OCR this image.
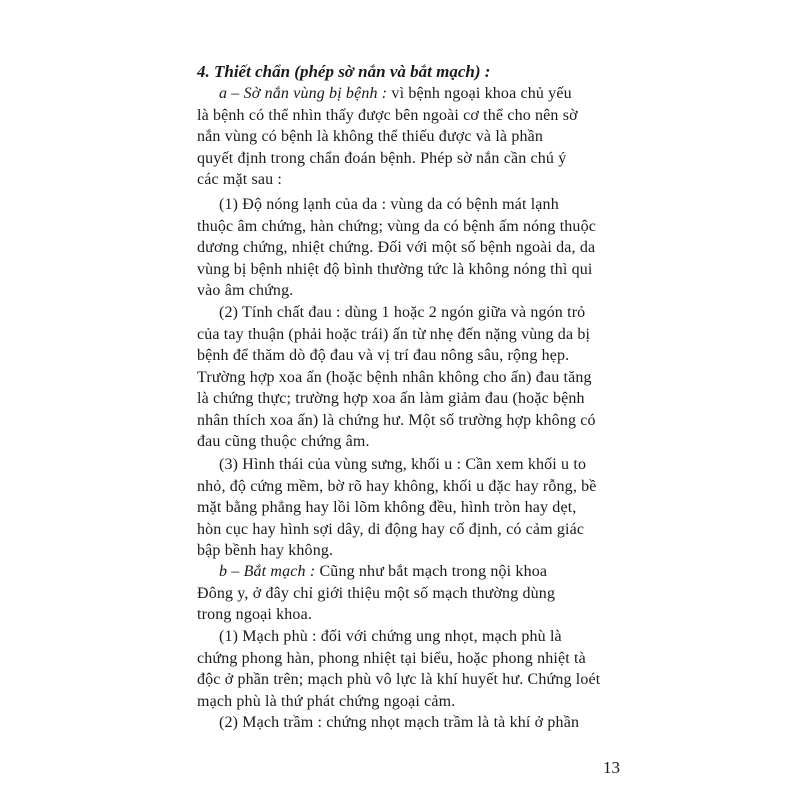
4. Thiết chẩn (phép sờ nắn và bắt mạch) :
a – Sờ nắn vùng bị bệnh : vì bệnh ngoại khoa chủ yếu
là bệnh có thể nhìn thấy được bên ngoài cơ thể cho nên sờ
nắn vùng có bệnh là không thể thiếu được và là phần
quyết định trong chẩn đoán bệnh. Phép sờ nắn cần chú ý
các mặt sau :
(1) Độ nóng lạnh của da : vùng da có bệnh mát lạnh
thuộc âm chứng, hàn chứng; vùng da có bệnh ấm nóng thuộc
dương chứng, nhiệt chứng. Đối với một số bệnh ngoài da, da
vùng bị bệnh nhiệt độ bình thường tức là không nóng thì qui
vào âm chứng.
(2) Tính chất đau : dùng 1 hoặc 2 ngón giữa và ngón trỏ
của tay thuận (phải hoặc trái) ấn từ nhẹ đến nặng vùng da bị
bệnh để thăm dò độ đau và vị trí đau nông sâu, rộng hẹp.
Trường hợp xoa ấn (hoặc bệnh nhân không cho ấn) đau tăng
là chứng thực; trường hợp xoa ấn làm giảm đau (hoặc bệnh
nhân thích xoa ấn) là chứng hư. Một số trường hợp không có
đau cũng thuộc chứng âm.
(3) Hình thái của vùng sưng, khối u : Cần xem khối u to
nhỏ, độ cứng mềm, bờ rõ hay không, khối u đặc hay rỗng, bề
mặt bằng phẳng hay lồi lõm không đều, hình tròn hay dẹt,
hòn cục hay hình sợi dây, di động hay cố định, có cảm giác
bập bềnh hay không.
b – Bắt mạch : Cũng như bắt mạch trong nội khoa
Đông y, ở đây chỉ giới thiệu một số mạch thường dùng
trong ngoại khoa.
(1) Mạch phù : đối với chứng ung nhọt, mạch phù là
chứng phong hàn, phong nhiệt tại biểu, hoặc phong nhiệt tà
độc ở phần trên; mạch phù vô lực là khí huyết hư. Chứng loét
mạch phù là thứ phát chứng ngoại cảm.
(2) Mạch trầm : chứng nhọt mạch trầm là tà khí ở phần
13
